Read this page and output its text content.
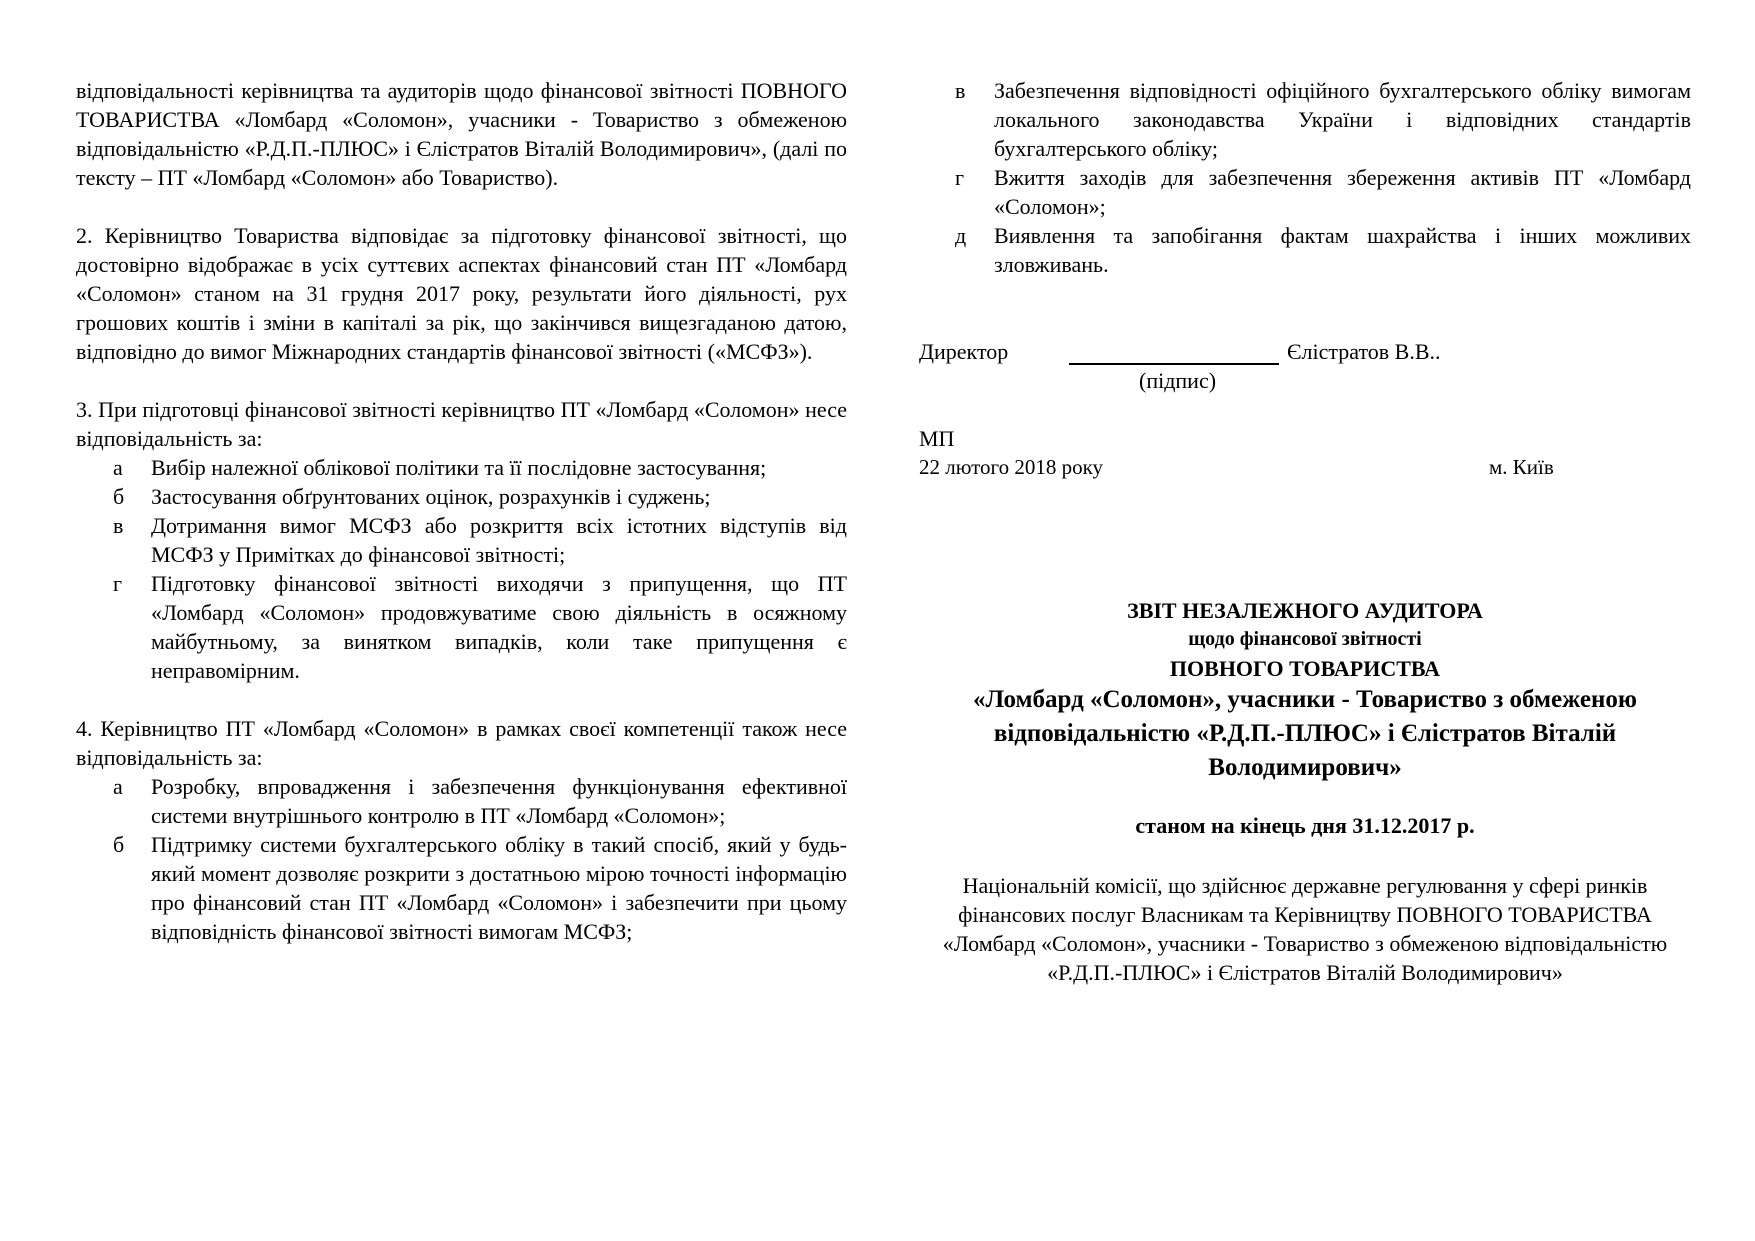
відповідальності керівництва та аудиторів щодо фінансової звітності ПОВНОГО ТОВАРИСТВА «Ломбард «Соломон», учасники - Товариство з обмеженою відповідальністю «Р.Д.П.-ПЛЮС» і Єлістратов Віталій Володимирович», (далі по тексту – ПТ «Ломбард «Соломон» або Товариство).

2. Керівництво Товариства відповідає за підготовку фінансової звітності, що достовірно відображає в усіх суттєвих аспектах фінансовий стан ПТ «Ломбард «Соломон» станом на 31 грудня 2017 року, результати його діяльності, рух грошових коштів і зміни в капіталі за рік, що закінчився вищезгаданою датою, відповідно до вимог Міжнародних стандартів фінансової звітності («МСФЗ»).

3. При підготовці фінансової звітності керівництво ПТ «Ломбард «Соломон» несе відповідальність за:

а Вибір належної облікової політики та її послідовне застосування;
б Застосування обґрунтованих оцінок, розрахунків і суджень;
в Дотримання вимог МСФЗ або розкриття всіх істотних відступів від МСФЗ у Примітках до фінансової звітності;
г Підготовку фінансової звітності виходячи з припущення, що ПТ «Ломбард «Соломон» продовжуватиме свою діяльність в осяжному майбутньому, за винятком випадків, коли таке припущення є неправомірним.

4. Керівництво ПТ «Ломбард «Соломон» в рамках своєї компетенції також несе відповідальність за:

а Розробку, впровадження і забезпечення функціонування ефективної системи внутрішнього контролю в ПТ «Ломбард «Соломон»;
б Підтримку системи бухгалтерського обліку в такий спосіб, який у будь-який момент дозволяє розкрити з достатньою мірою точності інформацію про фінансовий стан ПТ «Ломбард «Соломон» і забезпечити при цьому відповідність фінансової звітності вимогам МСФЗ;
в Забезпечення відповідності офіційного бухгалтерського обліку вимогам локального законодавства України і відповідних стандартів бухгалтерського обліку;
г Вжиття заходів для забезпечення збереження активів ПТ «Ломбард «Соломон»;
д Виявлення та запобігання фактам шахрайства і інших можливих зловживань.
Директор	Єлістратов В.В..
(підпис)
МП
22 лютого 2018 року	м. Київ
ЗВІТ НЕЗАЛЕЖНОГО АУДИТОРА
щодо фінансової звітності
ПОВНОГО ТОВАРИСТВА
«Ломбард «Соломон», учасники - Товариство з обмеженою відповідальністю «Р.Д.П.-ПЛЮС» і Єлістратов Віталій Володимирович»
станом на кінець дня 31.12.2017 р.
Національній комісії, що здійснює державне регулювання у сфері ринків фінансових послуг Власникам та Керівництву ПОВНОГО ТОВАРИСТВА «Ломбард «Соломон», учасники - Товариство з обмеженою відповідальністю «Р.Д.П.-ПЛЮС» і Єлістратов Віталій Володимирович»
